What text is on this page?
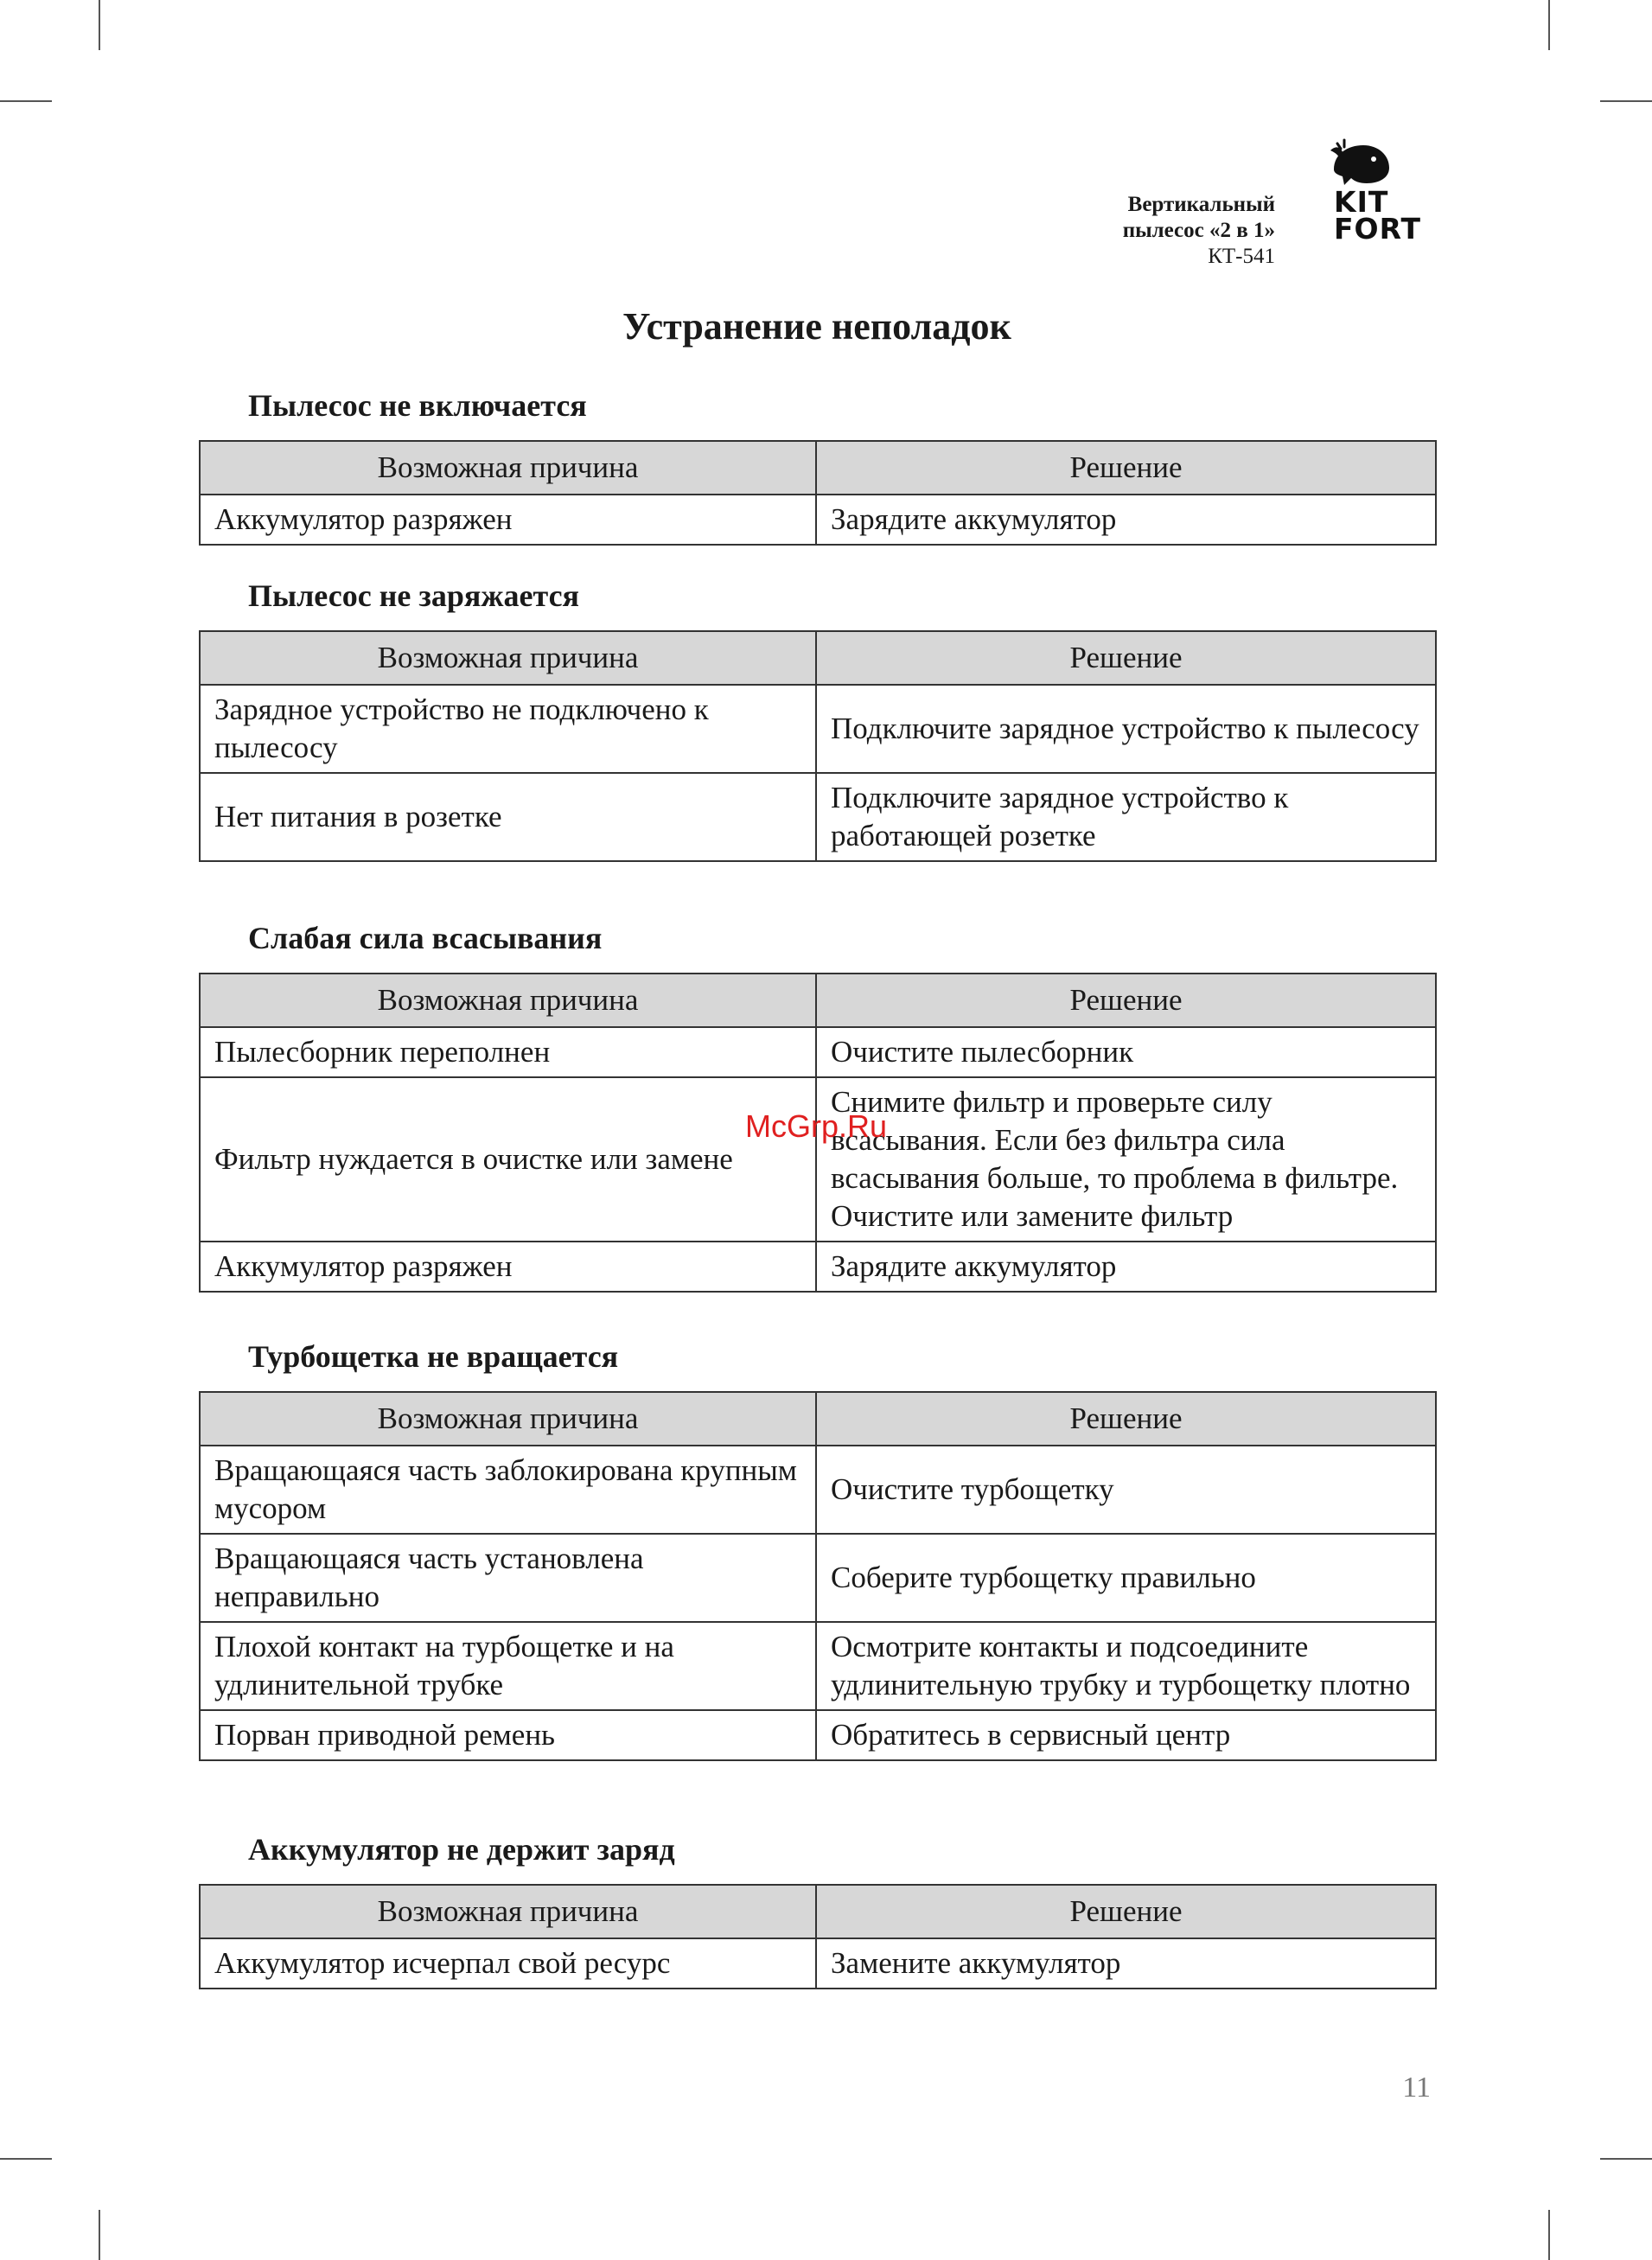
Вертикальный
пылесос «2 в 1»
КТ-541
KIT
FORT
Устранение неполадок
Пылесос не включается
Возможная причина	Решение
Аккумулятор разряжен	Зарядите аккумулятор
Пылесос не заряжается
Возможная причина	Решение
Зарядное устройство не подключено к пылесосу	Подключите зарядное устройство к пылесосу
Нет питания в розетке	Подключите зарядное устройство к работающей розетке
Слабая сила всасывания
Возможная причина	Решение
Пылесборник переполнен	Очистите пылесборник
Фильтр нуждается в очистке или замене	Снимите фильтр и проверьте силу всасывания. Если без фильтра сила всасывания больше, то проблема в фильтре. Очистите или замените фильтр
Аккумулятор разряжен	Зарядите аккумулятор
Турбощетка не вращается
Возможная причина	Решение
Вращающаяся часть заблокирована крупным мусором	Очистите турбощетку
Вращающаяся часть установлена неправильно	Соберите турбощетку правильно
Плохой контакт на турбощетке и на удлинительной трубке	Осмотрите контакты и подсоедините удлинительную трубку и турбощетку плотно
Порван приводной ремень	Обратитесь в сервисный центр
Аккумулятор не держит заряд
Возможная причина	Решение
Аккумулятор исчерпал свой ресурс	Замените аккумулятор
McGrp.Ru
11
